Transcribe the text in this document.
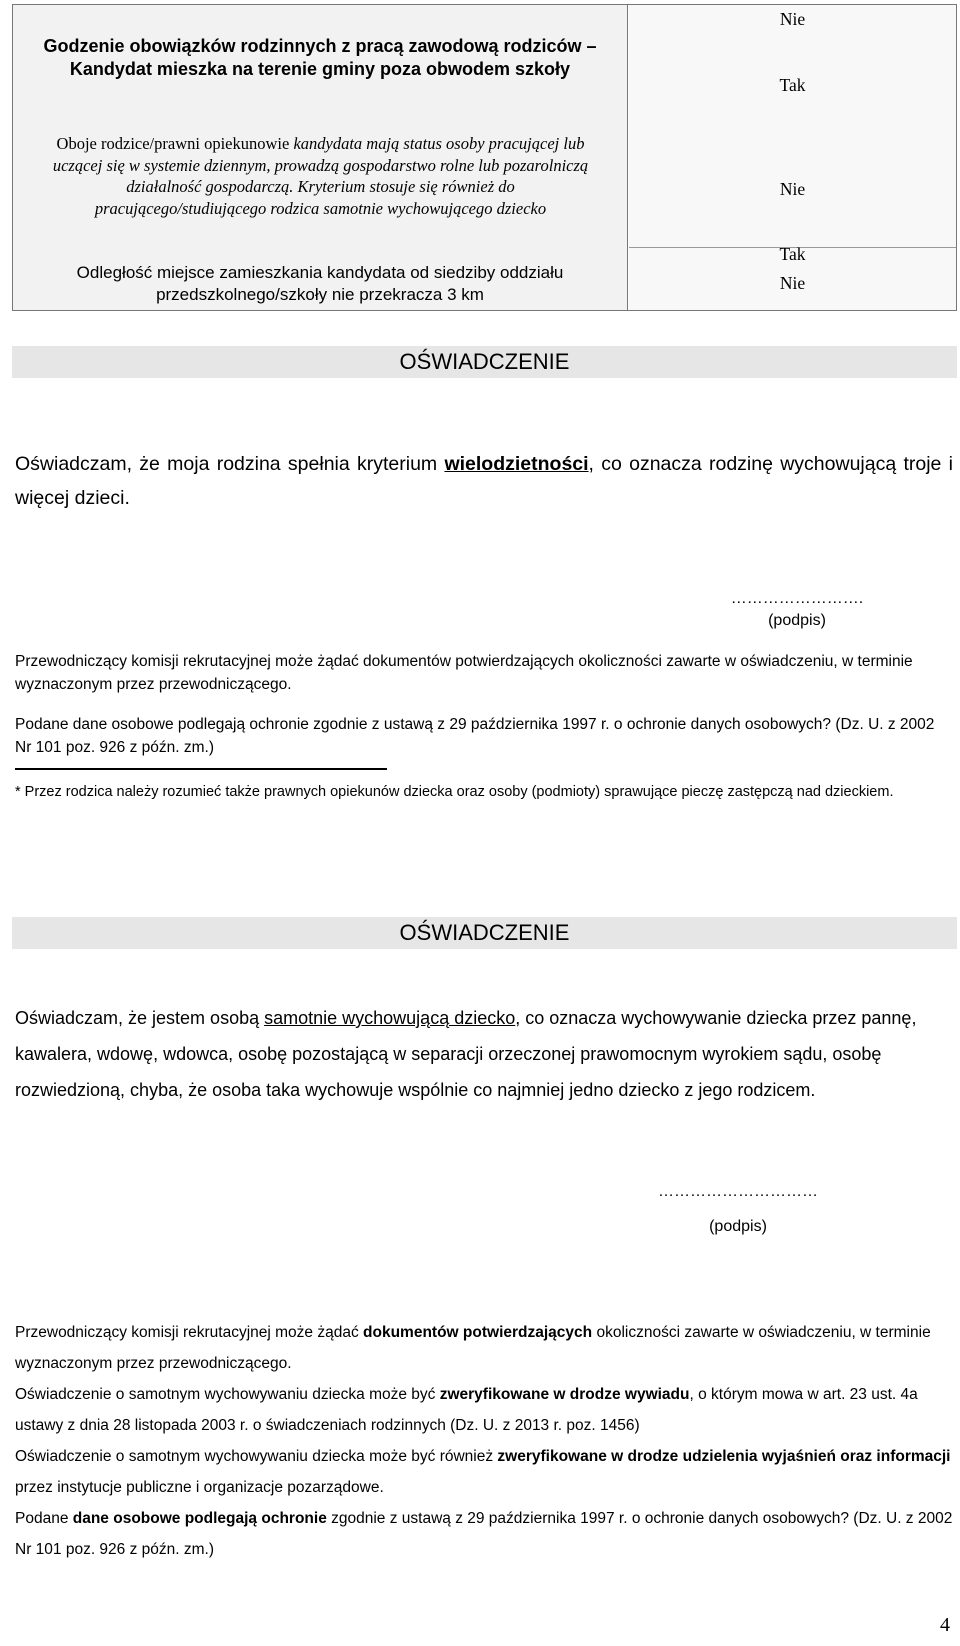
Godzenie obowiązków rodzinnych z pracą zawodową rodziców – Kandydat mieszka na terenie gminy poza obwodem szkoły
Oboje rodzice/prawni opiekunowie kandydata mają status osoby pracującej lub uczącej się w systemie dziennym, prowadzą gospodarstwo rolne lub pozarolniczą działalność gospodarczą. Kryterium stosuje się również do pracującego/studiującego rodzica samotnie wychowującego dziecko
Odległość miejsce zamieszkania kandydata od siedziby oddziału przedszkolnego/szkoły nie przekracza 3 km
Nie
Tak
Nie
Tak
Nie
OŚWIADCZENIE
Oświadczam, że moja rodzina spełnia kryterium wielodzietności, co oznacza rodzinę wychowującą troje i więcej dzieci.
…………………….
(podpis)
Przewodniczący komisji rekrutacyjnej może żądać dokumentów potwierdzających okoliczności zawarte w oświadczeniu, w terminie wyznaczonym przez przewodniczącego.
Podane dane osobowe podlegają ochronie zgodnie z ustawą z 29 października 1997 r. o ochronie danych osobowych? (Dz. U. z 2002 Nr 101 poz. 926 z późn. zm.)
* Przez rodzica należy rozumieć także prawnych opiekunów dziecka oraz osoby (podmioty) sprawujące pieczę zastępczą nad dzieckiem.
OŚWIADCZENIE
Oświadczam, że jestem osobą samotnie wychowującą dziecko, co oznacza wychowywanie dziecka przez pannę, kawalera, wdowę, wdowca, osobę pozostającą w separacji orzeczonej prawomocnym wyrokiem sądu, osobę rozwiedzioną, chyba, że osoba taka wychowuje wspólnie co najmniej jedno dziecko z jego rodzicem.
…………………………
(podpis)
Przewodniczący komisji rekrutacyjnej może żądać dokumentów potwierdzających okoliczności zawarte w oświadczeniu, w terminie wyznaczonym przez przewodniczącego.
Oświadczenie o samotnym wychowywaniu dziecka może być zweryfikowane w drodze wywiadu, o którym mowa w art. 23 ust. 4a ustawy z dnia 28 listopada 2003 r. o świadczeniach rodzinnych (Dz. U. z 2013 r. poz. 1456)
Oświadczenie o samotnym wychowywaniu dziecka może być również zweryfikowane w drodze udzielenia wyjaśnień oraz informacji przez instytucje publiczne i organizacje pozarządowe.
Podane dane osobowe podlegają ochronie zgodnie z ustawą z 29 października 1997 r. o ochronie danych osobowych? (Dz. U. z 2002 Nr 101 poz. 926 z późn. zm.)
4
